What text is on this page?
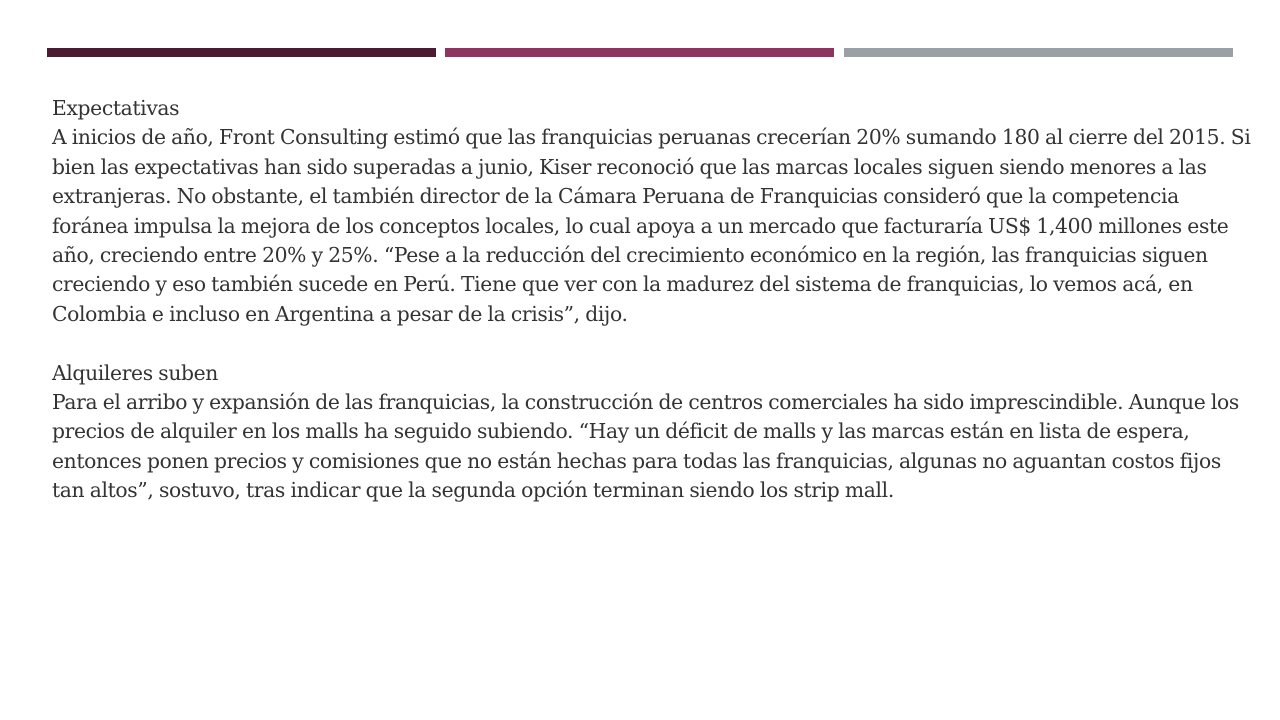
Expectativas

A inicios de año, Front Consulting estimó que las franquicias peruanas crecerían 20% sumando 180 al cierre del 2015. Si bien las expectativas han sido superadas a junio, Kiser reconoció que las marcas locales siguen siendo menores a las extranjeras. No obstante, el también director de la Cámara Peruana de Franquicias consideró que la competencia foránea impulsa la mejora de los conceptos locales, lo cual apoya a un mercado que facturaría US$ 1,400 millones este año, creciendo entre 20% y 25%. “Pese a la reducción del crecimiento económico en la región, las franquicias siguen creciendo y eso también sucede en Perú. Tiene que ver con la madurez del sistema de franquicias, lo vemos acá, en Colombia e incluso en Argentina a pesar de la crisis”, dijo.

Alquileres suben

Para el arribo y expansión de las franquicias, la construcción de centros comerciales ha sido imprescindible. Aunque los precios de alquiler en los malls ha seguido subiendo. “Hay un déficit de malls y las marcas están en lista de espera, entonces ponen precios y comisiones que no están hechas para todas las franquicias, algunas no aguantan costos fijos tan altos”, sostuvo, tras indicar que la segunda opción terminan siendo los strip mall.
